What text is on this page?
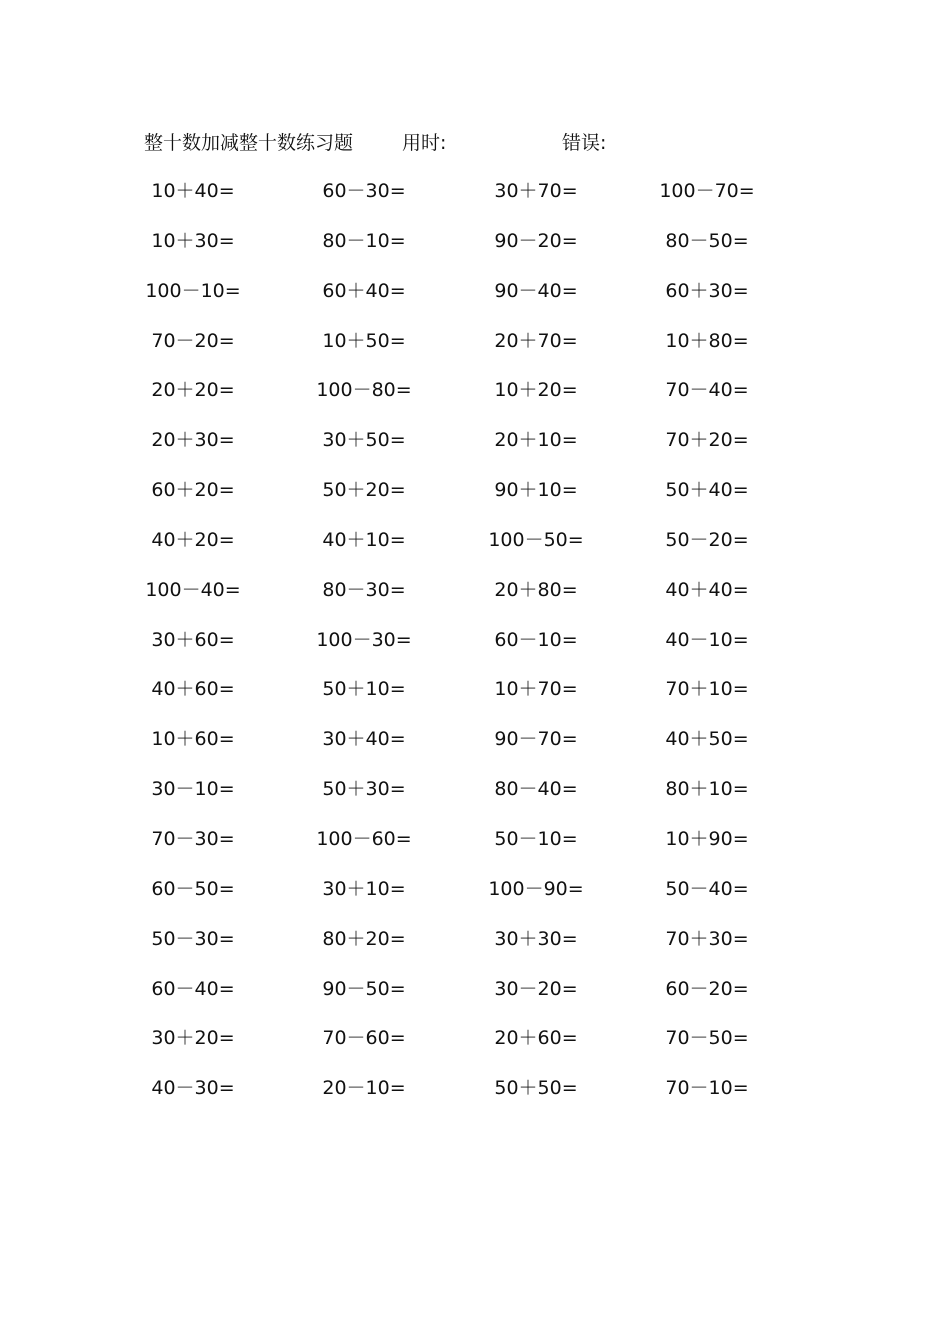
整十数加减整十数练习题	用时:	错误:
10＋40=	60－30=	30＋70=	100－70=
10＋30=	80－10=	90－20=	80－50=
100－10=	60＋40=	90－40=	60＋30=
70－20=	10＋50=	20＋70=	10＋80=
20＋20=	100－80=	10＋20=	70－40=
20＋30=	30＋50=	20＋10=	70＋20=
60＋20=	50＋20=	90＋10=	50＋40=
40＋20=	40＋10=	100－50=	50－20=
100－40=	80－30=	20＋80=	40＋40=
30＋60=	100－30=	60－10=	40－10=
40＋60=	50＋10=	10＋70=	70＋10=
10＋60=	30＋40=	90－70=	40＋50=
30－10=	50＋30=	80－40=	80＋10=
70－30=	100－60=	50－10=	10＋90=
60－50=	30＋10=	100－90=	50－40=
50－30=	80＋20=	30＋30=	70＋30=
60－40=	90－50=	30－20=	60－20=
30＋20=	70－60=	20＋60=	70－50=
40－30=	20－10=	50＋50=	70－10=
